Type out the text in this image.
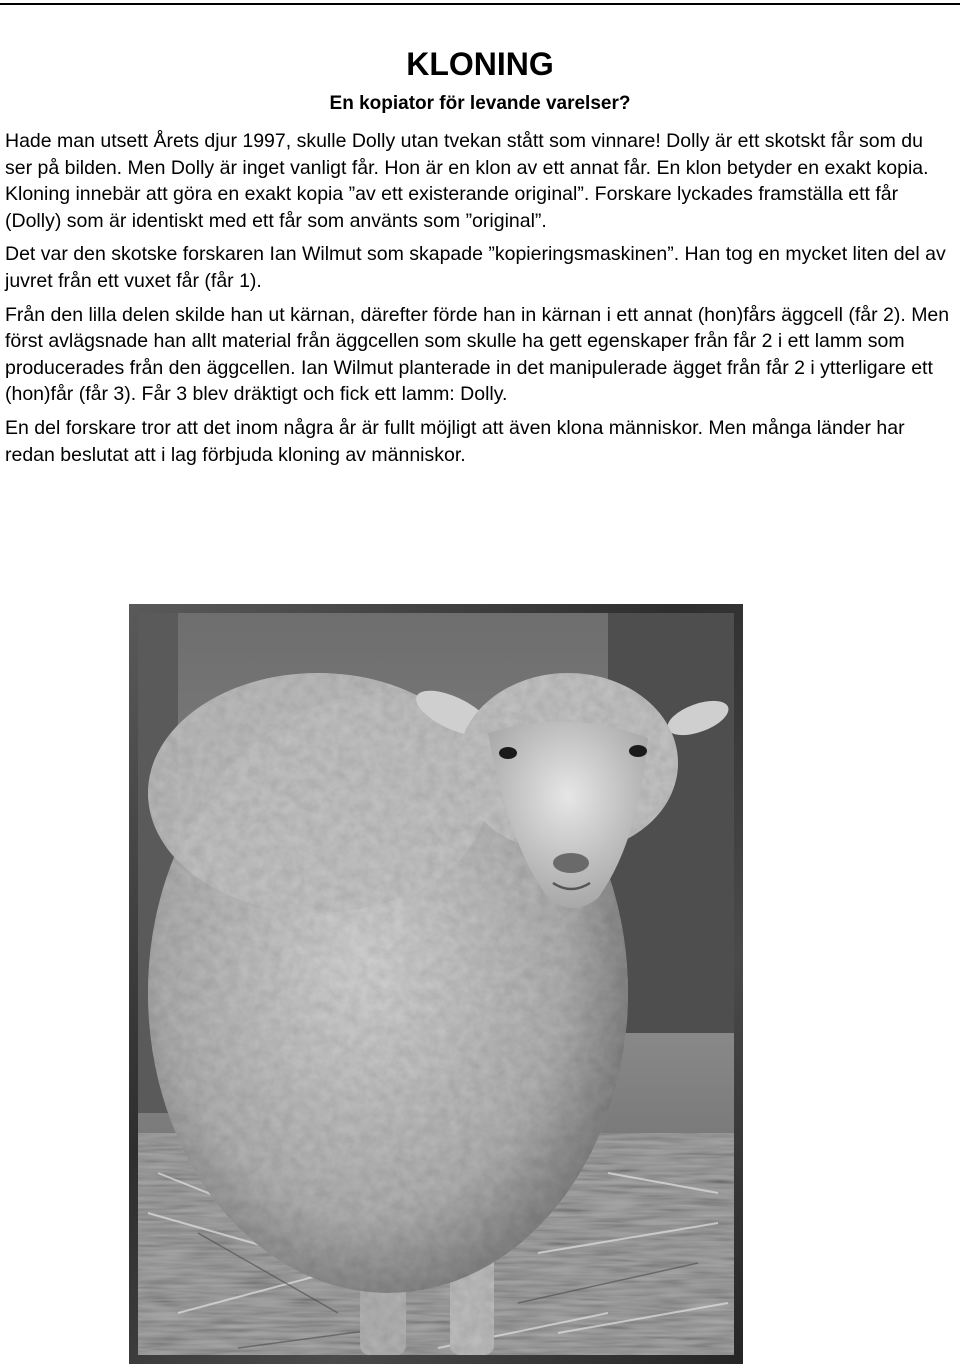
KLONING
En kopiator för levande varelser?

Hade man utsett Årets djur 1997, skulle Dolly utan tvekan stått som vinnare! Dolly är ett skotskt får som du ser på bilden. Men Dolly är inget vanligt får. Hon är en klon av ett annat får. En klon betyder en exakt kopia. Kloning innebär att göra en exakt kopia ”av ett existerande original”. Forskare lyckades framställa ett får (Dolly) som är identiskt med ett får som använts som ”original”.

Det var den skotske forskaren Ian Wilmut som skapade ”kopieringsmaskinen”. Han tog en mycket liten del av juvret från ett vuxet får (får 1).

Från den lilla delen skilde han ut kärnan, därefter förde han in kärnan i ett annat (hon)fårs äggcell (får 2). Men först avlägsnade han allt material från äggcellen som skulle ha gett egenskaper från får 2 i ett lamm som producerades från den äggcellen. Ian Wilmut planterade in det manipulerade ägget från får 2 i ytterligare ett (hon)får (får 3). Får 3 blev dräktigt och fick ett lamm: Dolly.

En del forskare tror att det inom några år är fullt möjligt att även klona människor. Men många länder har redan beslutat att i lag förbjuda kloning av människor.
